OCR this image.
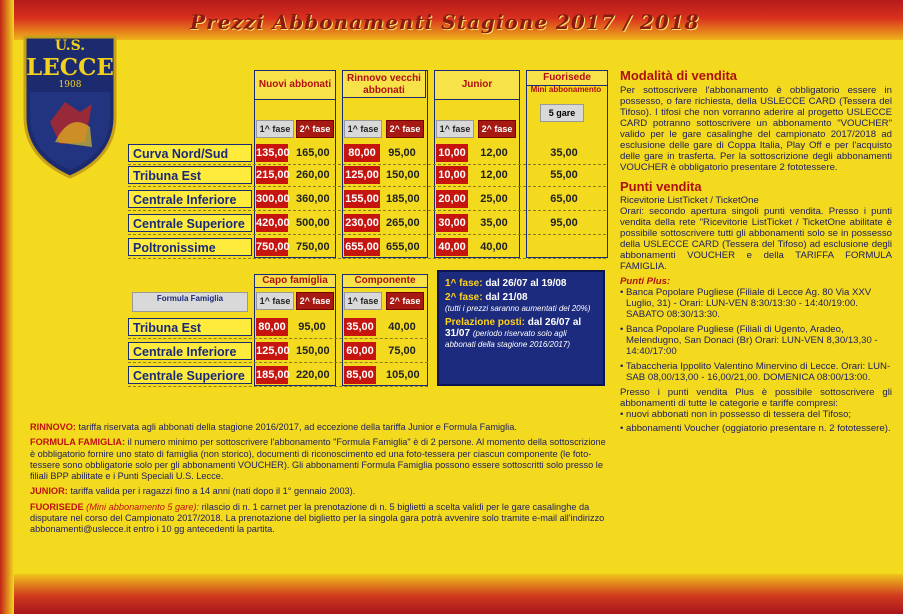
Prezzi Abbonamenti Stagione 2017 / 2018
U.S.
LECCE
1908	Nuovi abbonati
Rinnovo vecchi abbonati
Junior
Fuorisede
Mini abbonamento
5 gare
1^ fase	2^ fase	1^ fase	2^ fase	1^ fase	2^ fase
Curva Nord/Sud	135,00 165,00	80,00	95,00 10,00 12,00	35,00
Tribuna Est	215,00 260,00 125,00 150,00 10,00 12,00	55,00
Centrale Inferiore	300,00 360,00 155,00 185,00 20,00 25,00	65,00
Centrale Superiore	420,00 500,00 230,00 265,00 30,00 35,00	95,00
Poltronissime	750,00 750,00 655,00 655,00 40,00 40,00
Capo famiglia	Componente
Formula Famiglia	1^ fase	2^ fase	1^ fase	2^ fase
Tribuna Est	80,00 95,00 35,00 40,00
Centrale Inferiore	125,00 150,00 60,00 75,00
Centrale Superiore	185,00 220,00 85,00 105,00
1^ fase: dal 26/07 al 19/08
2^ fase: dal 21/08
(tutti i prezzi saranno aumentati del 20%)
Prelazione posti: dal 26/07 al 31/07 (periodo riservato solo agli abbonati della stagione 2016/2017)

RINNOVO: tariffa riservata agli abbonati della stagione 2016/2017, ad eccezione della tariffa Junior e Formula Famiglia.

FORMULA FAMIGLIA: il numero minimo per sottoscrivere l'abbonamento "Formula Famiglia" è di 2 persone. Al momento della sottoscrizione è obbligatorio fornire uno stato di famiglia (non storico), documenti di riconoscimento ed una foto-tessera per ciascun componente (le foto-tessere sono obbligatorie solo per gli abbonamenti VOUCHER). Gli abbonamenti Formula Famiglia possono essere sottoscritti solo presso le filiali BPP abilitate e i Punti Speciali U.S. Lecce.

JUNIOR: tariffa valida per i ragazzi fino a 14 anni (nati dopo il 1° gennaio 2003).

FUORISEDE (Mini abbonamento 5 gare): rilascio di n. 1 carnet per la prenotazione di n. 5 biglietti a scelta validi per le gare casalinghe da disputare nel corso del Campionato 2017/2018. La prenotazione del biglietto per la singola gara potrà avvenire solo tramite e-mail all'indirizzo abbonamenti@uslecce.it entro i 10 gg antecedenti la partita.

Modalità di vendita

Per sottoscrivere l'abbonamento è obbligatorio essere in possesso, o fare richiesta, della USLECCE CARD (Tessera del Tifoso). I tifosi che non vorranno aderire al progetto USLECCE CARD potranno sottoscrivere un abbonamento "VOUCHER" valido per le gare casalinghe del campionato 2017/2018 ad esclusione delle gare di Coppa Italia, Play Off e per l'acquisto delle gare in trasferta. Per la sottoscrizione degli abbonamenti VOUCHER è obbligatorio presentare 2 fototessere.

Punti vendita

Ricevitorie ListTicket / TicketOne

Orari: secondo apertura singoli punti vendita. Presso i punti vendita della rete "Ricevitorie ListTicket / TicketOne abilitate è possibile sottoscrivere tutti gli abbonamenti solo se in possesso della USLECCE CARD (Tessera del Tifoso) ad esclusione degli abbonamenti VOUCHER e della TARIFFA FORMULA FAMIGLIA.

Punti Plus:

• Banca Popolare Pugliese (Filiale di Lecce Ag. 80 Via XXV Luglio, 31) - Orari: LUN-VEN 8:30/13:30 - 14:40/19:00. SABATO 08:30/13:30.
• Banca Popolare Pugliese (Filiali di Ugento, Aradeo, Melendugno, San Donaci (Br) Orari: LUN-VEN 8,30/13,30 - 14:40/17:00
• Tabaccheria Ippolito Valentino Minervino di Lecce. Orari: LUN-SAB 08,00/13,00 - 16,00/21,00. DOMENICA 08:00/13:00.

Presso i punti vendita Plus è possibile sottoscrivere gli abbonamenti di tutte le categorie e tariffe compresi:

• nuovi abbonati non in possesso di tessera del Tifoso;
• abbonamenti Voucher (oggiatorio presentare n. 2 fototessere).
